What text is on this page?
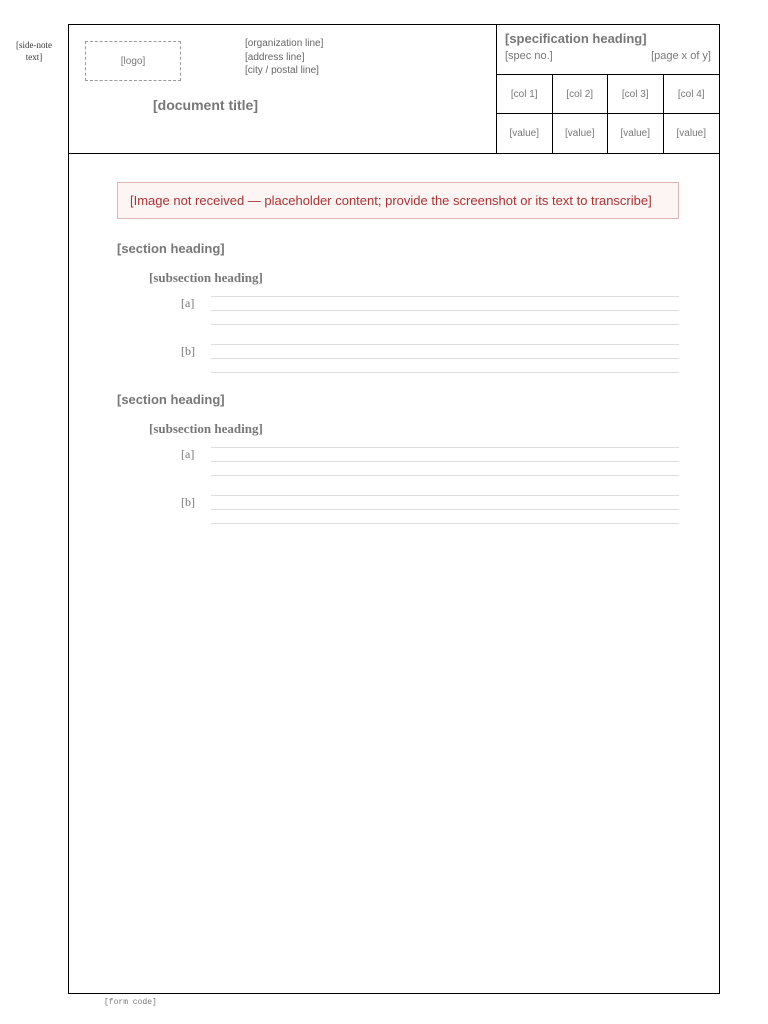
[side-note text]	[logo]
[organization line]
[address line]
[city / postal line]
[document title]
[specification heading]
[spec no.]	[page x of y]
[col 1]	[col 2]	[col 3]	[col 4]
[value]	[value]	[value]	[value]
[Image not received — placeholder content; provide the screenshot or its text to transcribe]
[section heading]
[subsection heading]
[a]
[b]
[section heading]
[subsection heading]
[a]
[b]
[form code]
